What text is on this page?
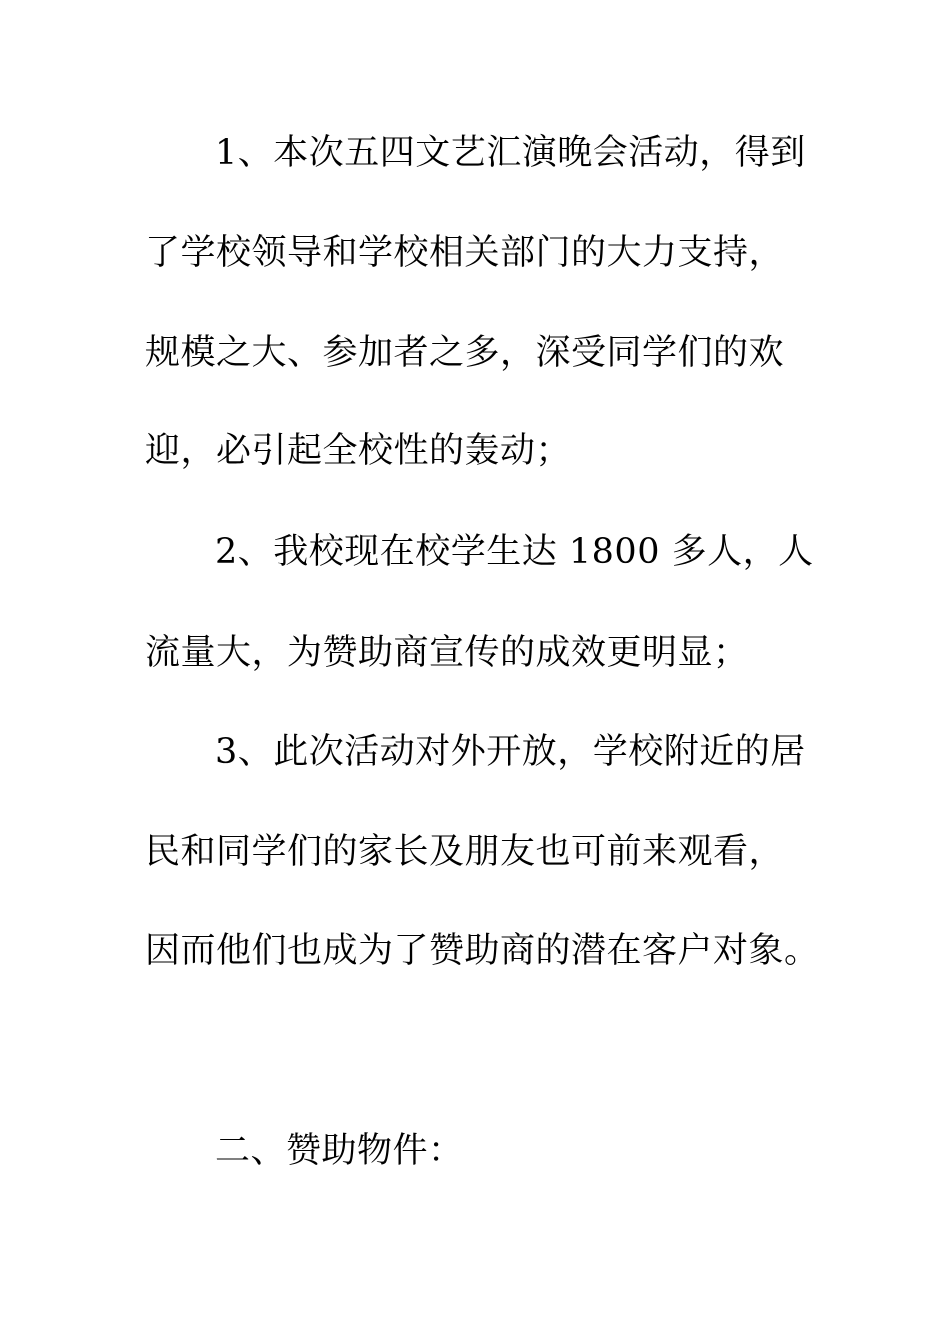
1、本次五四文艺汇演晚会活动，得到
了学校领导和学校相关部门的大力支持，
规模之大、参加者之多，深受同学们的欢
迎，必引起全校性的轰动；
2、我校现在校学生达 1800 多人，人
流量大，为赞助商宣传的成效更明显；
3、此次活动对外开放，学校附近的居
民和同学们的家长及朋友也可前来观看，
因而他们也成为了赞助商的潜在客户对象。
二、赞助物件：
